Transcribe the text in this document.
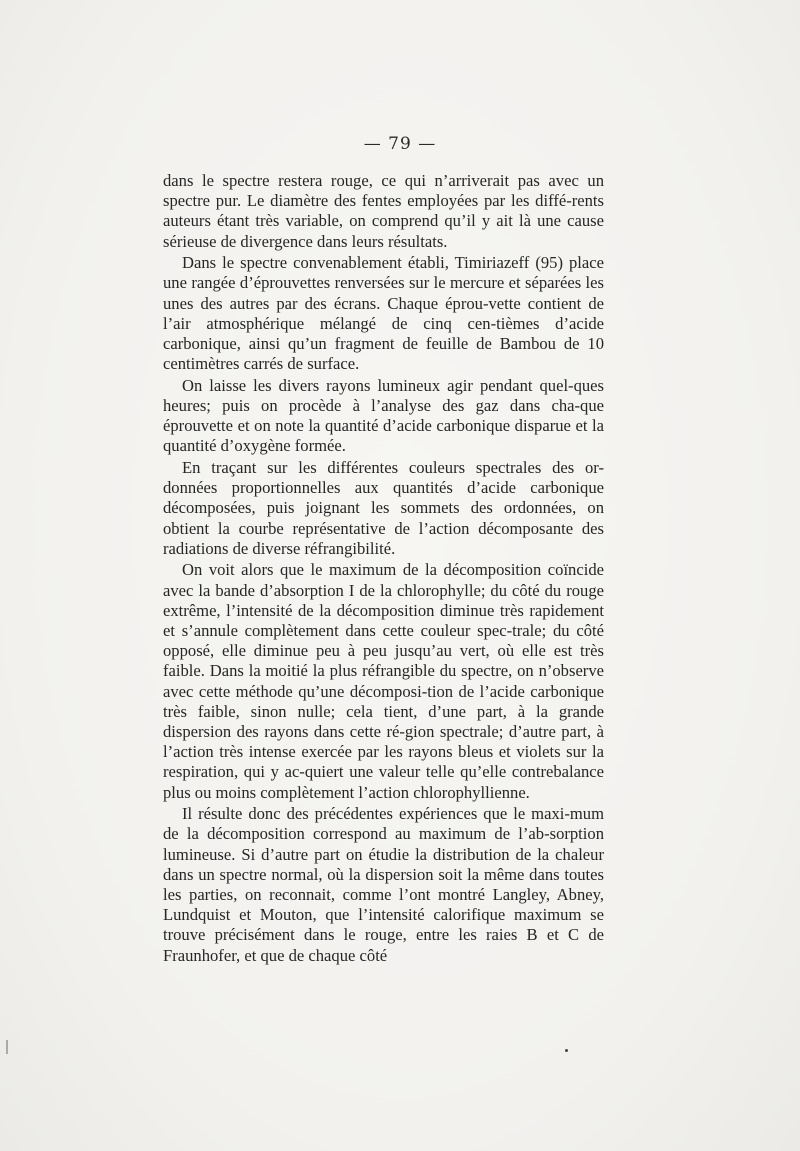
— 79 —

dans le spectre restera rouge, ce qui n’arriverait pas avec un spectre pur. Le diamètre des fentes employées par les diffé-rents auteurs étant très variable, on comprend qu’il y ait là une cause sérieuse de divergence dans leurs résultats.

Dans le spectre convenablement établi, Timiriazeff (95) place une rangée d’éprouvettes renversées sur le mercure et séparées les unes des autres par des écrans. Chaque éprou-vette contient de l’air atmosphérique mélangé de cinq cen-tièmes d’acide carbonique, ainsi qu’un fragment de feuille de Bambou de 10 centimètres carrés de surface.

On laisse les divers rayons lumineux agir pendant quel-ques heures; puis on procède à l’analyse des gaz dans cha-que éprouvette et on note la quantité d’acide carbonique disparue et la quantité d’oxygène formée.

En traçant sur les différentes couleurs spectrales des or-données proportionnelles aux quantités d’acide carbonique décomposées, puis joignant les sommets des ordonnées, on obtient la courbe représentative de l’action décomposante des radiations de diverse réfrangibilité.

On voit alors que le maximum de la décomposition coïncide avec la bande d’absorption I de la chlorophylle; du côté du rouge extrême, l’intensité de la décomposition diminue très rapidement et s’annule complètement dans cette couleur spec-trale; du côté opposé, elle diminue peu à peu jusqu’au vert, où elle est très faible. Dans la moitié la plus réfrangible du spectre, on n’observe avec cette méthode qu’une décomposi-tion de l’acide carbonique très faible, sinon nulle; cela tient, d’une part, à la grande dispersion des rayons dans cette ré-gion spectrale; d’autre part, à l’action très intense exercée par les rayons bleus et violets sur la respiration, qui y ac-quiert une valeur telle qu’elle contrebalance plus ou moins complètement l’action chlorophyllienne.

Il résulte donc des précédentes expériences que le maxi-mum de la décomposition correspond au maximum de l’ab-sorption lumineuse. Si d’autre part on étudie la distribution de la chaleur dans un spectre normal, où la dispersion soit la même dans toutes les parties, on reconnait, comme l’ont montré Langley, Abney, Lundquist et Mouton, que l’intensité calorifique maximum se trouve précisément dans le rouge, entre les raies B et C de Fraunhofer, et que de chaque côté
